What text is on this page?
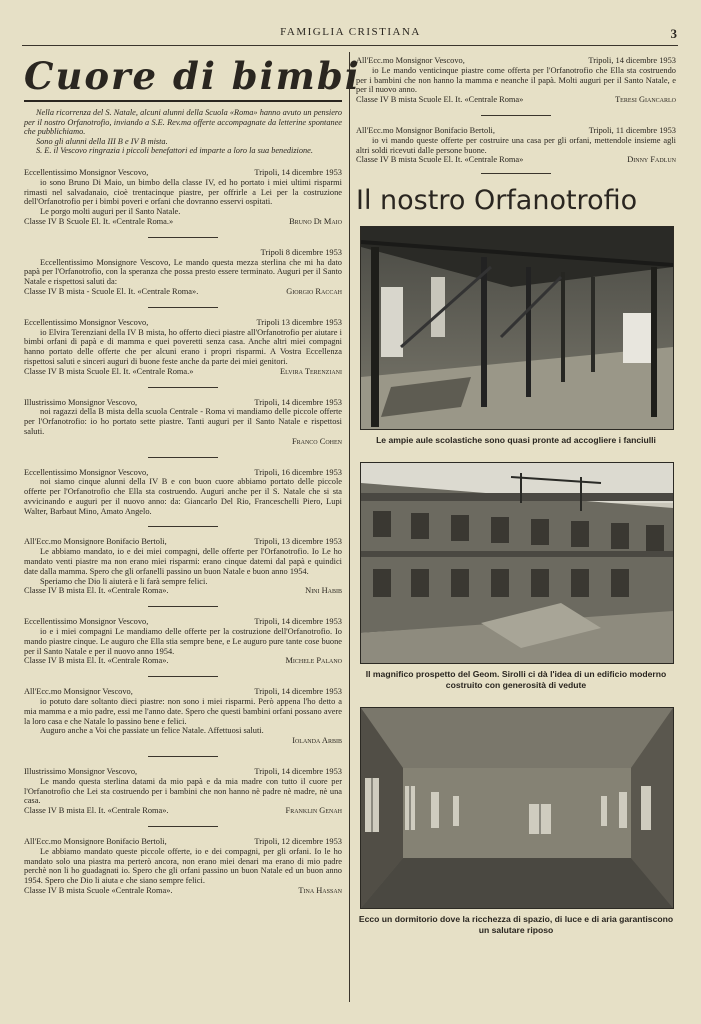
FAMIGLIA CRISTIANA	3
Cuore di bimbi

Nella ricorrenza del S. Natale, alcuni alunni della Scuola «Roma» hanno avuto un pensiero per il nostro Orfanotrofio, inviando a S.E. Rev.ma offerte accompagnate da letterine spontanee che pubblichiamo.

Sono gli alunni della III B e IV B mista.

S. E. il Vescovo ringrazia i piccoli benefattori ed imparte a loro la sua benedizione.

Tripoli, 14 dicembre 1953
Eccellentissimo Monsignor Vescovo,
io sono Bruno Di Maio, un bimbo della classe IV, ed ho portato i miei ultimi risparmi rimasti nel salvadanaio, cioè trentacinque piastre, per offrirle a Lei per la costruzione dell'Orfanotrofio per i bimbi poveri e orfani che dovranno esservi ospitati.
Le porgo molti auguri per il Santo Natale.
Bruno Di Maio
Classe IV B Scuole El. It. «Centrale Roma.»
Tripoli 8 dicembre 1953
Eccellentissimo Monsignore Vescovo, Le mando questa mezza sterlina che mi ha dato papà per l'Orfanotrofio, con la speranza che possa presto essere terminato. Auguri per il Santo Natale e rispettosi saluti da:
Giorgio Raccah
Classe IV B mista - Scuole El. It. «Centrale Roma».
Tripoli 13 dicembre 1953
Eccellentissimo Monsignor Vescovo,
io Elvira Terenziani della IV B mista, ho offerto dieci piastre all'Orfanotrofio per aiutare i bimbi orfani di papà e di mamma e quei poveretti senza casa. Anche altri miei compagni hanno portato delle offerte che per alcuni erano i propri risparmi. A Vostra Eccellenza rispettosi saluti e sinceri auguri di buone feste anche da parte dei miei genitori.
Elvira Terenziani
Classe IV B mista Scuole El. It. «Centrale Roma.»
Tripoli, 14 dicembre 1953
Illustrissimo Monsignor Vescovo,
noi ragazzi della B mista della scuola Centrale - Roma vi mandiamo delle piccole offerte per l'Orfanotrofio: io ho portato sette piastre. Tanti auguri per il Santo Natale e rispettosi saluti.
Franco Cohen
Tripoli, 16 dicembre 1953
Eccellentissimo Monsignor Vescovo,
noi siamo cinque alunni della IV B e con buon cuore abbiamo portato delle piccole offerte per l'Orfanotrofio che Ella sta costruendo. Auguri anche per il S. Natale che si sta avvicinando e auguri per il nuovo anno: da: Giancarlo Del Rio, Franceschelli Piero, Lupi Walter, Barbaut Mino, Amato Angelo.
Tripoli, 13 dicembre 1953
All'Ecc.mo Monsignore Bonifacio Bertoli,
Le abbiamo mandato, io e dei miei compagni, delle offerte per l'Orfanotrofio. Io Le ho mandato venti piastre ma non erano miei risparmi: erano cinque datemi dal papà e quindici date dalla mamma. Spero che gli orfanelli passino un buon Natale e buon anno 1954.
Speriamo che Dio li aiuterà e li farà sempre felici.
Nini Habib
Classe IV B mista El. It. «Centrale Roma».
Tripoli, 14 dicembre 1953
Eccellentissimo Monsignor Vescovo,
io e i miei compagni Le mandiamo delle offerte per la costruzione dell'Orfanotrofio. Io mando piastre cinque. Le auguro che Ella stia sempre bene, e Le auguro pure tante cose buone per il Santo Natale e per il nuovo anno 1954.
Michele Palano
Classe IV B mista El. It. «Centrale Roma».
Tripoli, 14 dicembre 1953
All'Ecc.mo Monsignor Vescovo,
io potuto dare soltanto dieci piastre: non sono i miei risparmi. Però appena l'ho detto a mia mamma e a mio padre, essi me l'anno date. Spero che questi bambini orfani possano avere la loro casa e che Natale lo passino bene e felici.
Auguro anche a Voi che passiate un felice Natale. Affettuosi saluti.
Iolanda Arbib
Tripoli, 14 dicembre 1953
Illustrissimo Monsignor Vescovo,
Le mando questa sterlina datami da mio papà e da mia madre con tutto il cuore per l'Orfanotrofio che Lei sta costruendo per i bambini che non hanno nè padre nè madre, nè una casa.
Franklin Genah
Classe IV B mista El. It. «Centrale Roma».
Tripoli, 12 dicembre 1953
All'Ecc.mo Monsignore Bonifacio Bertoli,
Le abbiamo mandato queste piccole offerte, io e dei compagni, per gli orfani. Io le ho mandato solo una piastra ma perterò ancora, non erano miei denari ma erano di mio padre perchè non li ho guadagnati io. Spero che gli orfani passino un buon Natale ed un buon anno 1954. Spero che Dio li aiuta e che siano sempre felici.
Tina Hassan
Classe IV B mista Scuole «Centrale Roma».
Tripoli, 14 dicembre 1953
All'Ecc.mo Monsignor Vescovo,
io Le mando venticinque piastre come offerta per l'Orfanotrofio che Ella sta costruendo per i bambini che non hanno la mamma e neanche il papà. Molti auguri per il Santo Natale, e per il nuovo anno.
Teresi Giancarlo
Classe IV B mista Scuole El. It. «Centrale Roma»
Tripoli, 11 dicembre 1953
All'Ecc.mo Monsignor Bonifacio Bertoli,
io vi mando queste offerte per costruire una casa per gli orfani, mettendole insieme agli altri soldi ricevuti dalle persone buone.
Dinny Fadlun
Classe IV B mista Scuole El. It. «Centrale Roma»
Il nostro Orfanotrofio
Le ampie aule scolastiche sono quasi pronte ad accogliere i fanciulli
Il magnifico prospetto del Geom. Sirolli ci dà l'idea di un edificio moderno costruito con generosità di vedute
Ecco un dormitorio dove la ricchezza di spazio, di luce e di aria garantiscono un salutare riposo
